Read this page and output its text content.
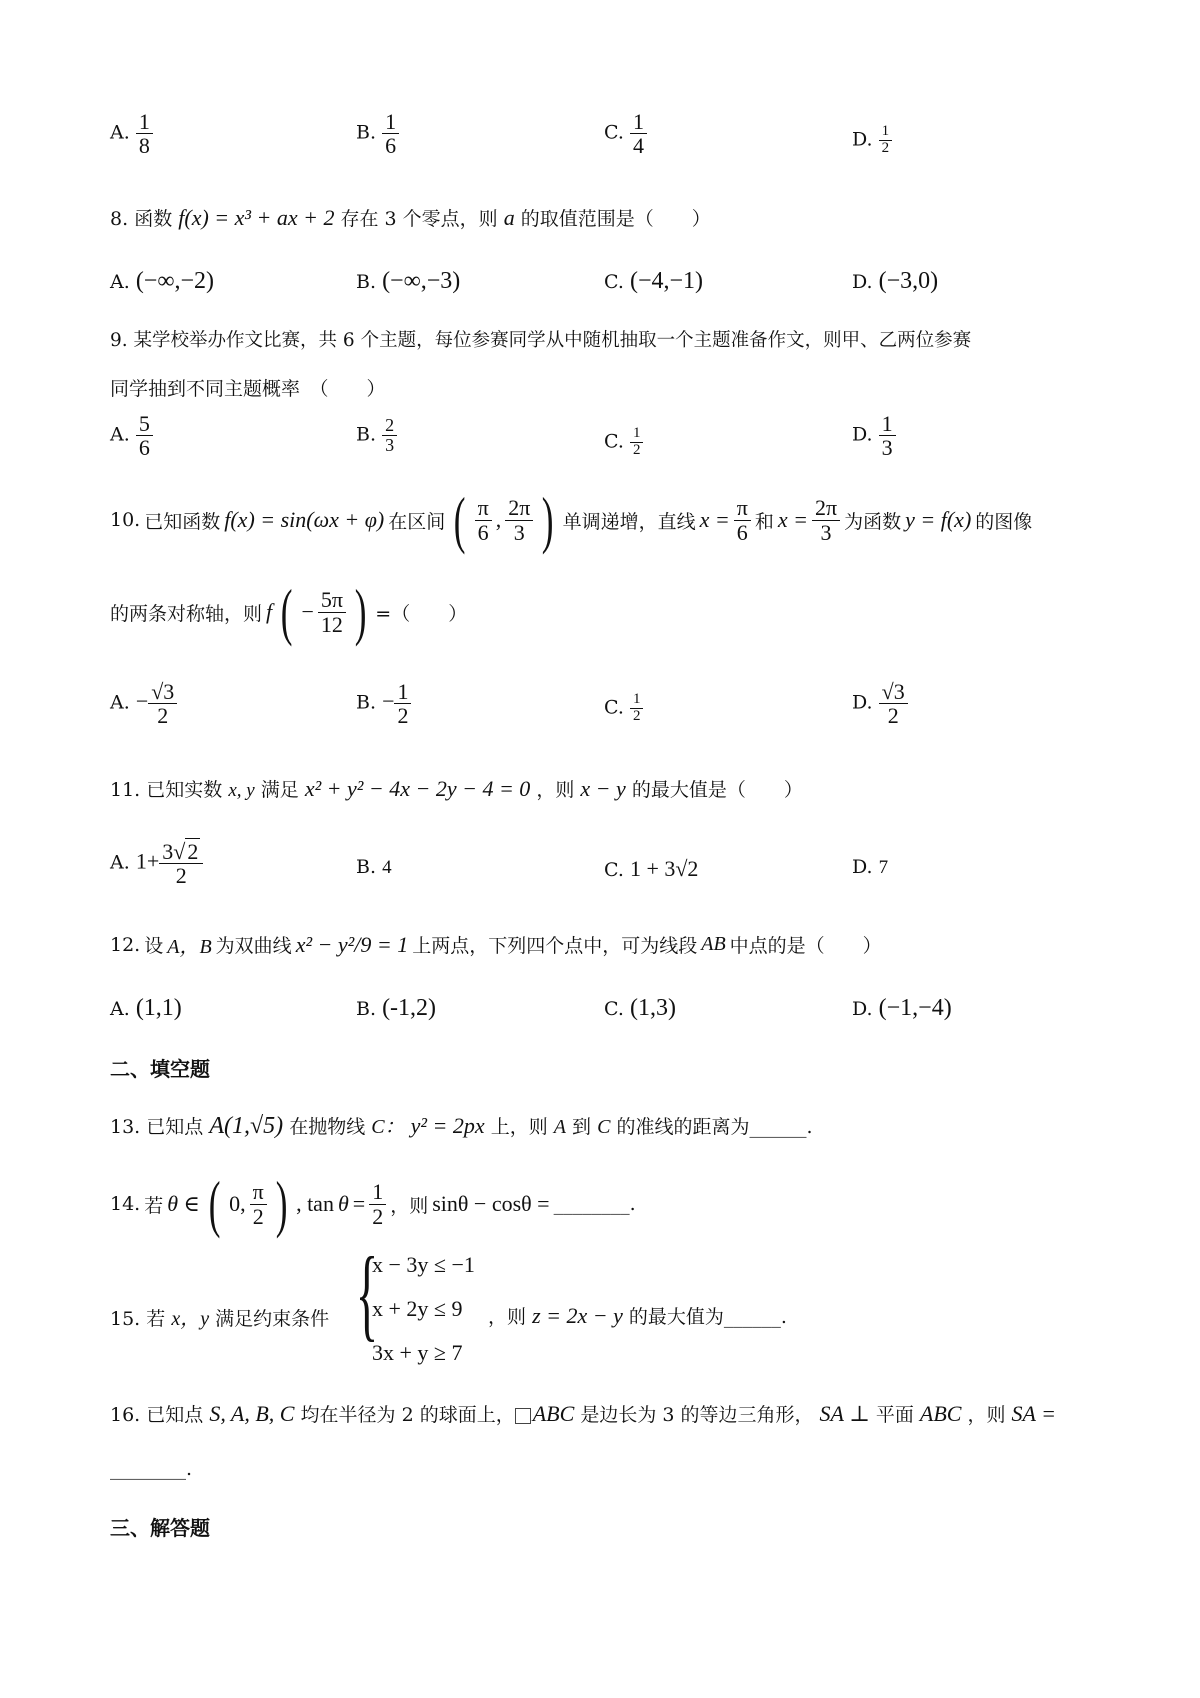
A. $\frac{1}{8}$	B. $\frac{1}{6}$	C. $\frac{1}{4}$	D. $\frac{1}{2}$
8. 函数 f(x) = x³ + ax + 2 存在 3 个零点，则 a 的取值范围是（　　）
A. (−∞,−2)	B. (−∞,−3)	C. (−4,−1)	D. (−3,0)
9. 某学校举办作文比赛，共 6 个主题，每位参赛同学从中随机抽取一个主题准备作文，则甲、乙两位参赛
同学抽到不同主题概率　（　　）
A. $\frac{5}{6}$	B. $\frac{2}{3}$	C. $\frac{1}{2}$	D. $\frac{1}{3}$
10. 已知函数 f(x) = sin(ωx + φ) 在区间 ( $\frac{\pi}{6}$ , $\frac{2\pi}{3}$ ) 单调递增，直线 $x = \frac{\pi}{6}$ 和 $x = \frac{2\pi}{3}$ 为函数 y = f(x) 的图像
的两条对称轴，则 f ( − $\frac{5\pi}{12}$ ) =（　　）
A. − $\frac{√3}{2}$	B. − $\frac{1}{2}$	C. $\frac{1}{2}$	D. $\frac{√3}{2}$
11. 已知实数 x, y 满足 x² + y² − 4x − 2y − 4 = 0 ，则 x − y 的最大值是（　　）
A. $1+ \frac{3√2}{2}$	B. 4	C. 1 + 3√2	D. 7
12. 设 A，B 为双曲线 x² − y²/9 = 1 上两点，下列四个点中，可为线段 AB 中点的是（　　）
A. (1,1)	B. (-1,2)	C. (1,3)	D. (−1,−4)
二、填空题
13. 已知点 A(1,√5) 在抛物线 C： y² = 2px 上，则 A 到 C 的准线的距离为______.
14. 若 θ ∈ ( 0, $\frac{\pi}{2}$ ) , $\tan \theta = \frac{1}{2}$ ，则 sinθ − cosθ = ________.
15. 若 x，y 满足约束条件 {
x − 3y ≤ −1
x + 2y ≤ 9
3x + y ≥ 7
，则 z = 2x − y 的最大值为______.
16. 已知点 S, A, B, C 均在半径为 2 的球面上， ABC 是边长为 3 的等边三角形， SA ⊥ 平面 ABC ，则 SA =
________.
三、解答题
